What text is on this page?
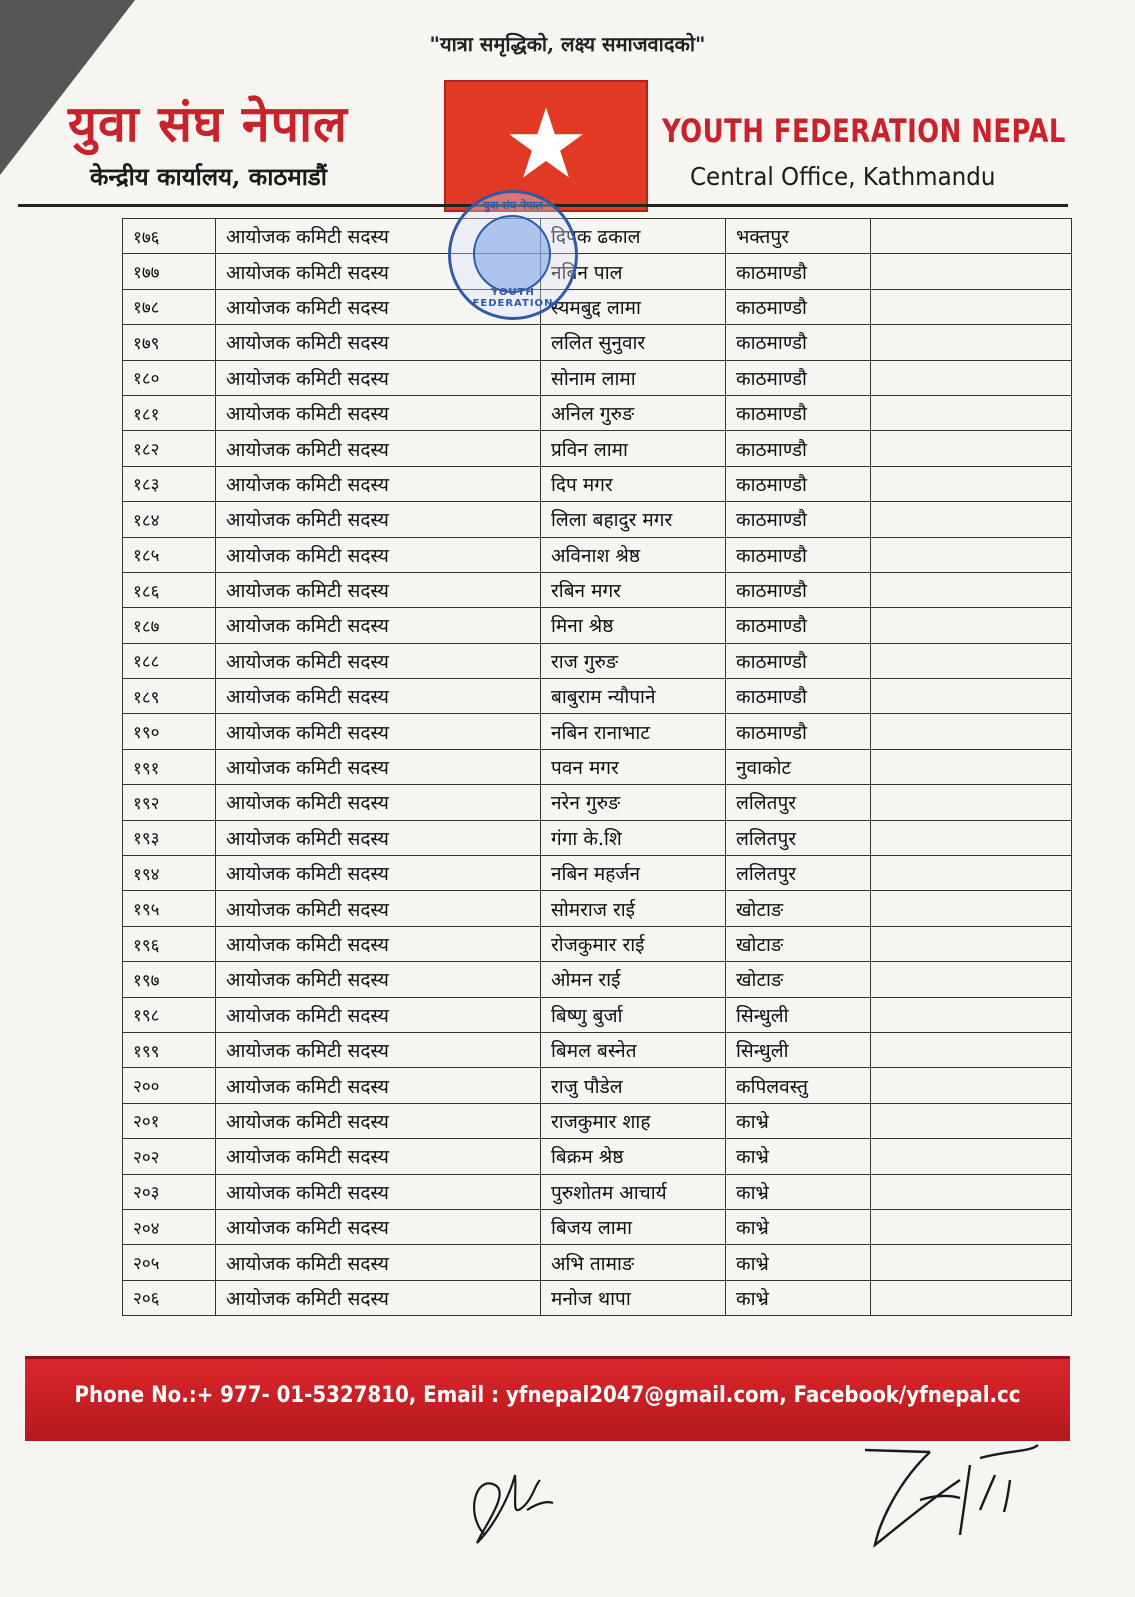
"यात्रा समृद्धिको, लक्ष्य समाजवादको"
युवा संघ नेपाल
केन्द्रीय कार्यालय, काठमाडौं ★ YOUTH FEDERATION NEPAL
Central Office, Kathmandu
युवा संघ नेपाल
YOUTH FEDERATION
१७६	आयोजक कमिटी सदस्य	दिपक ढकाल	भक्तपुर	
१७७	आयोजक कमिटी सदस्य	नबिन पाल	काठमाण्डौ	
१७८	आयोजक कमिटी सदस्य	स्यमबुद्द लामा	काठमाण्डौ	
१७९	आयोजक कमिटी सदस्य	ललित सुनुवार	काठमाण्डौ	
१८०	आयोजक कमिटी सदस्य	सोनाम लामा	काठमाण्डौ	
१८१	आयोजक कमिटी सदस्य	अनिल गुरुङ	काठमाण्डौ	
१८२	आयोजक कमिटी सदस्य	प्रविन लामा	काठमाण्डौ	
१८३	आयोजक कमिटी सदस्य	दिप मगर	काठमाण्डौ	
१८४	आयोजक कमिटी सदस्य	लिला बहादुर मगर	काठमाण्डौ	
१८५	आयोजक कमिटी सदस्य	अविनाश श्रेष्ठ	काठमाण्डौ	
१८६	आयोजक कमिटी सदस्य	रबिन मगर	काठमाण्डौ	
१८७	आयोजक कमिटी सदस्य	मिना श्रेष्ठ	काठमाण्डौ	
१८८	आयोजक कमिटी सदस्य	राज गुरुङ	काठमाण्डौ	
१८९	आयोजक कमिटी सदस्य	बाबुराम न्यौपाने	काठमाण्डौ	
१९०	आयोजक कमिटी सदस्य	नबिन रानाभाट	काठमाण्डौ	
१९१	आयोजक कमिटी सदस्य	पवन मगर	नुवाकोट	
१९२	आयोजक कमिटी सदस्य	नरेन गुरुङ	ललितपुर	
१९३	आयोजक कमिटी सदस्य	गंगा के.शि	ललितपुर	
१९४	आयोजक कमिटी सदस्य	नबिन महर्जन	ललितपुर	
१९५	आयोजक कमिटी सदस्य	सोमराज राई	खोटाङ	
१९६	आयोजक कमिटी सदस्य	रोजकुमार राई	खोटाङ	
१९७	आयोजक कमिटी सदस्य	ओमन राई	खोटाङ	
१९८	आयोजक कमिटी सदस्य	बिष्णु बुर्जा	सिन्धुली	
१९९	आयोजक कमिटी सदस्य	बिमल बस्नेत	सिन्धुली	
२००	आयोजक कमिटी सदस्य	राजु पौडेल	कपिलवस्तु	
२०१	आयोजक कमिटी सदस्य	राजकुमार शाह	काभ्रे	
२०२	आयोजक कमिटी सदस्य	बिक्रम श्रेष्ठ	काभ्रे	
२०३	आयोजक कमिटी सदस्य	पुरुशोतम आचार्य	काभ्रे	
२०४	आयोजक कमिटी सदस्य	बिजय लामा	काभ्रे	
२०५	आयोजक कमिटी सदस्य	अभि तामाङ	काभ्रे	
२०६	आयोजक कमिटी सदस्य	मनोज थापा	काभ्रे	
Phone No.:+ 977- 01-5327810, Email : yfnepal2047@gmail.com, Facebook/yfnepal.cc
